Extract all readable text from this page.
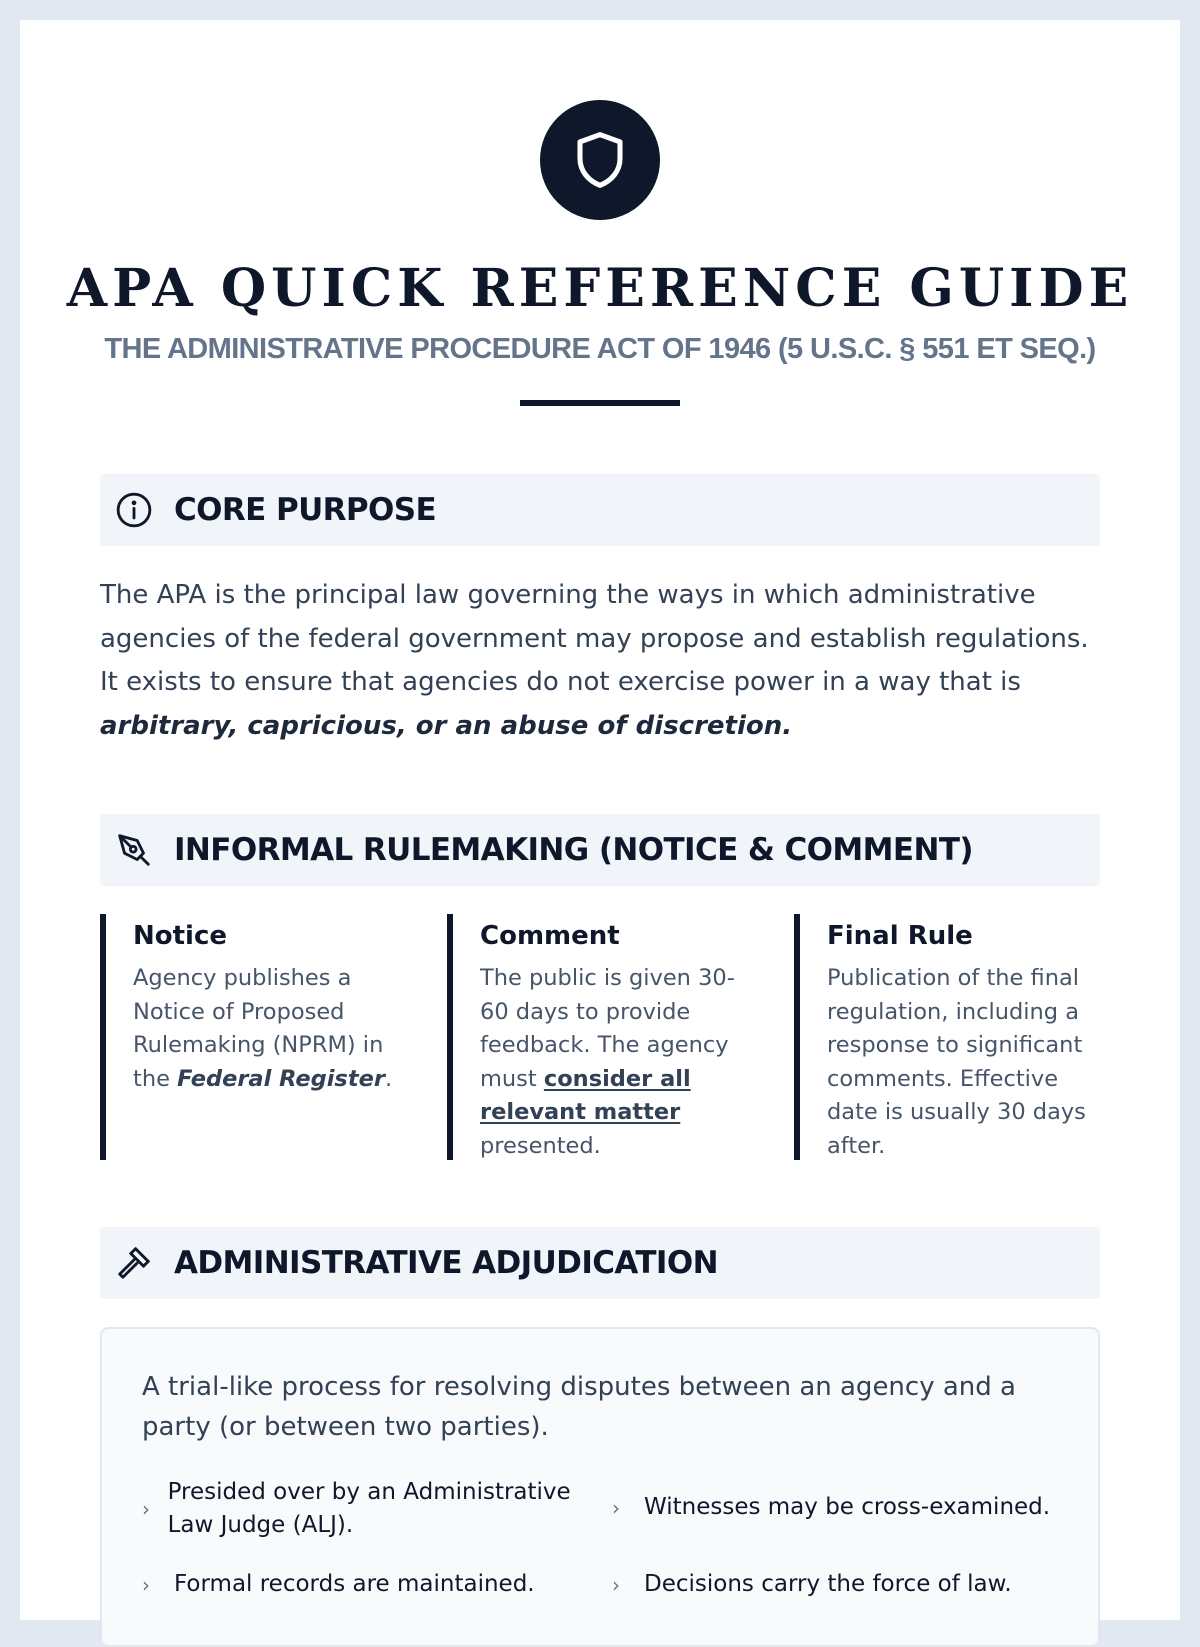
APA QUICK REFERENCE GUIDE

THE ADMINISTRATIVE PROCEDURE ACT OF 1946 (5 U.S.C. § 551 ET SEQ.)

CORE PURPOSE

The APA is the principal law governing the ways in which administrative agencies of the federal government may propose and establish regulations. It exists to ensure that agencies do not exercise power in a way that is arbitrary, capricious, or an abuse of discretion.

INFORMAL RULEMAKING (NOTICE & COMMENT)
Notice

Agency publishes a Notice of Proposed Rulemaking (NPRM) in the Federal Register.

Comment

The public is given 30-60 days to provide feedback. The agency must consider all relevant matter presented.

Final Rule

Publication of the final regulation, including a response to significant comments. Effective date is usually 30 days after.

ADMINISTRATIVE ADJUDICATION

A trial-like process for resolving disputes between an agency and a party (or between two parties).

›
Presided over by an Administrative Law Judge (ALJ).
›	Witnesses may be cross-examined.
›	Formal records are maintained.	›	Decisions carry the force of law.
